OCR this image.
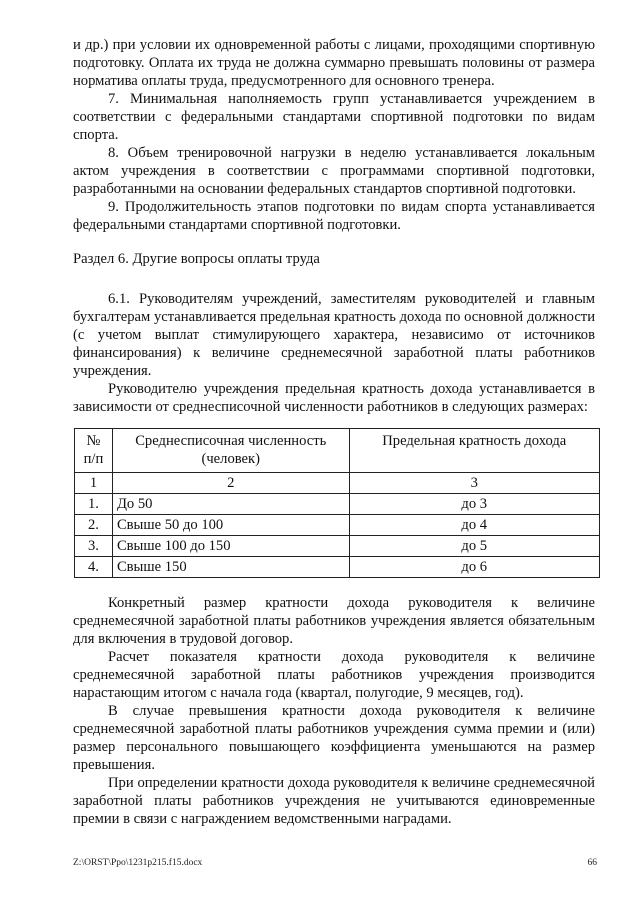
и др.) при условии их одновременной работы с лицами, проходящими спортивную подготовку. Оплата их труда не должна суммарно превышать половины от размера норматива оплаты труда, предусмотренного для основного тренера.

7. Минимальная наполняемость групп устанавливается учреждением в соответствии с федеральными стандартами спортивной подготовки по видам спорта.

8. Объем тренировочной нагрузки в неделю устанавливается локальным актом учреждения в соответствии с программами спортивной подготовки, разработанными на основании федеральных стандартов спортивной подготовки.

9. Продолжительность этапов подготовки по видам спорта устанавливается федеральными стандартами спортивной подготовки.

Раздел 6. Другие вопросы оплаты труда

6.1. Руководителям учреждений, заместителям руководителей и главным бухгалтерам устанавливается предельная кратность дохода по основной должности (с учетом выплат стимулирующего характера, независимо от источников финансирования) к величине среднемесячной заработной платы работников учреждения.

Руководителю учреждения предельная кратность дохода устанавливается в зависимости от среднесписочной численности работников в следующих размерах:

№ п/п	Среднесписочная численность (человек)	Предельная кратность дохода
1	2	3
1.	До 50	до 3
2.	Свыше 50 до 100	до 4
3.	Свыше 100 до 150	до 5
4.	Свыше 150	до 6

Конкретный размер кратности дохода руководителя к величине среднемесячной заработной платы работников учреждения является обязательным для включения в трудовой договор.

Расчет показателя кратности дохода руководителя к величине среднемесячной заработной платы работников учреждения производится нарастающим итогом с начала года (квартал, полугодие, 9 месяцев, год).

В случае превышения кратности дохода руководителя к величине среднемесячной заработной платы работников учреждения сумма премии и (или) размер персонального повышающего коэффициента уменьшаются на размер превышения.

При определении кратности дохода руководителя к величине среднемесячной заработной платы работников учреждения не учитываются единовременные премии в связи с награждением ведомственными наградами.

Z:\ORST\Ppo\1231p215.f15.docx	66
